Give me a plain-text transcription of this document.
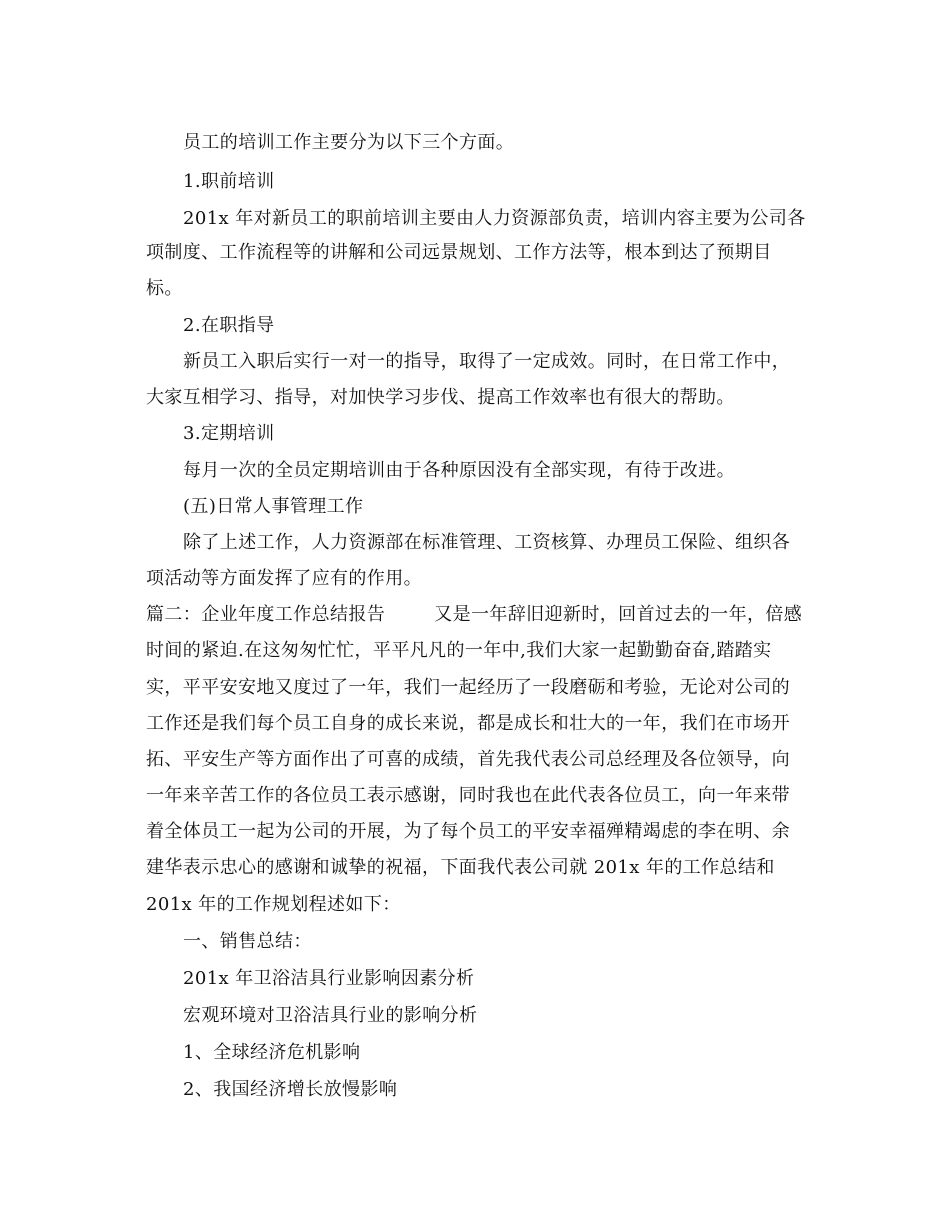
员工的培训工作主要分为以下三个方面。
1.职前培训
201x 年对新员工的职前培训主要由人力资源部负责，培训内容主要为公司各
项制度、工作流程等的讲解和公司远景规划、工作方法等，根本到达了预期目
标。
2.在职指导
新员工入职后实行一对一的指导，取得了一定成效。同时，在日常工作中，
大家互相学习、指导，对加快学习步伐、提高工作效率也有很大的帮助。
3.定期培训
每月一次的全员定期培训由于各种原因没有全部实现，有待于改进。
(五)日常人事管理工作
除了上述工作，人力资源部在标准管理、工资核算、办理员工保险、组织各
项活动等方面发挥了应有的作用。
篇二：企业年度工作总结报告        又是一年辞旧迎新时，回首过去的一年，倍感
时间的紧迫.在这匆匆忙忙，平平凡凡的一年中,我们大家一起勤勤奋奋,踏踏实
实，平平安安地又度过了一年，我们一起经历了一段磨砺和考验，无论对公司的
工作还是我们每个员工自身的成长来说，都是成长和壮大的一年，我们在市场开
拓、平安生产等方面作出了可喜的成绩，首先我代表公司总经理及各位领导，向
一年来辛苦工作的各位员工表示感谢，同时我也在此代表各位员工，向一年来带
着全体员工一起为公司的开展，为了每个员工的平安幸福殚精竭虑的李在明、余
建华表示忠心的感谢和诚挚的祝福，下面我代表公司就 201x 年的工作总结和
201x 年的工作规划程述如下：
一、销售总结：
201x 年卫浴洁具行业影响因素分析
宏观环境对卫浴洁具行业的影响分析
1、全球经济危机影响
2、我国经济增长放慢影响
